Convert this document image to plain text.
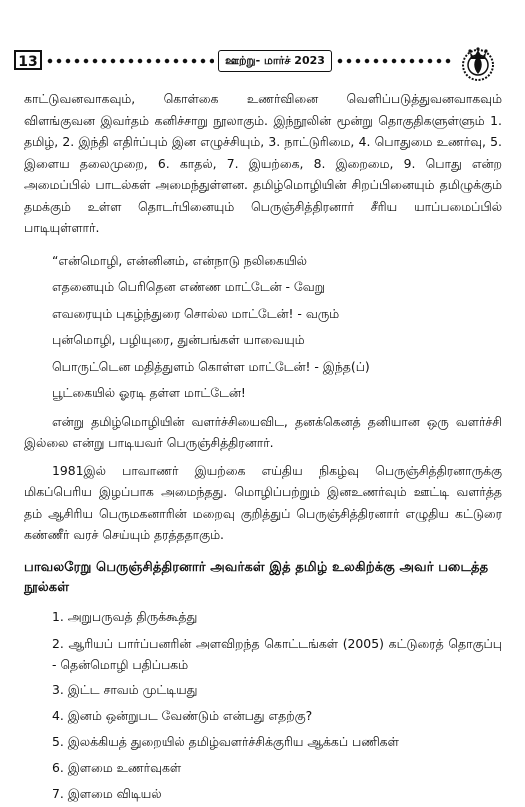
13	ஊற்று- மார்ச் 2023

காட்டுவனவாகவும், கொள்கை உணர்வினை வெளிப்படுத்துவனவாகவும் விளங்குவன இவர்தம் கனிச்சாறு நூலாகும். இந்நூலின் மூன்று தொகுதிகளுள்ளும் 1. தமிழ், 2. இந்தி எதிர்ப்பும் இன எழுச்சியும், 3. நாட்டுரிமை, 4. பொதுமை உணர்வு, 5. இளைய தலைமுறை, 6. காதல், 7. இயற்கை, 8. இறைமை, 9. பொது என்ற அமைப்பில் பாடல்கள் அமைந்துள்ளன. தமிழ்மொழியின் சிறப்பினையும் தமிழுக்கும் தமக்கும் உள்ள தொடர்பினையும் பெருஞ்சித்திரனார் சீரிய யாப்பமைப்பில் பாடியுள்ளார்.

“என்மொழி, என்னினம், என்நாடு நலிகையில்
எதனையும் பெரிதென எண்ண மாட்டேன் - வேறு
எவரையும் புகழ்ந்துரை சொல்ல மாட்டேன்! - வரும்
புன்மொழி, பழியுரை, துன்பங்கள் யாவையும்
பொருட்டென மதித்துளம் கொள்ள மாட்டேன்! - இந்த(ப்)
பூட்கையில் ஓரடி தள்ள மாட்டேன்!

என்று தமிழ்மொழியின் வளர்ச்சியைவிட, தனக்கெனத் தனியான ஒரு வளர்ச்சி இல்லை என்று பாடியவர் பெருஞ்சித்திரனார்.

1981இல் பாவாணர் இயற்கை எய்திய நிகழ்வு பெருஞ்சித்திரனாருக்கு மிகப்பெரிய இழப்பாக அமைந்தது. மொழிப்பற்றும் இனஉணர்வும் ஊட்டி வளர்த்த தம் ஆசிரிய பெருமகனாரின் மறைவு குறித்துப் பெருஞ்சித்திரனார் எழுதிய கட்டுரை கண்ணீர் வரச் செய்யும் தரத்ததாகும்.

பாவலரேறு பெருஞ்சித்திரனார் அவர்கள் இத் தமிழ் உலகிற்க்கு அவர் படைத்த நூல்கள்
1. அறுபருவத் திருக்கூத்து
2. ஆரியப் பார்ப்பனரின் அளவிறந்த கொட்டங்கள் (2005) கட்டுரைத் தொகுப்பு - தென்மொழி பதிப்பகம்
3. இட்ட சாவம் முட்டியது
4. இனம் ஒன்றுபட வேண்டும் என்பது எதற்கு?
5. இலக்கியத் துறையில் தமிழ்வளர்ச்சிக்குரிய ஆக்கப் பணிகள்
6. இளமை உணர்வுகள்
7. இளமை விடியல்
